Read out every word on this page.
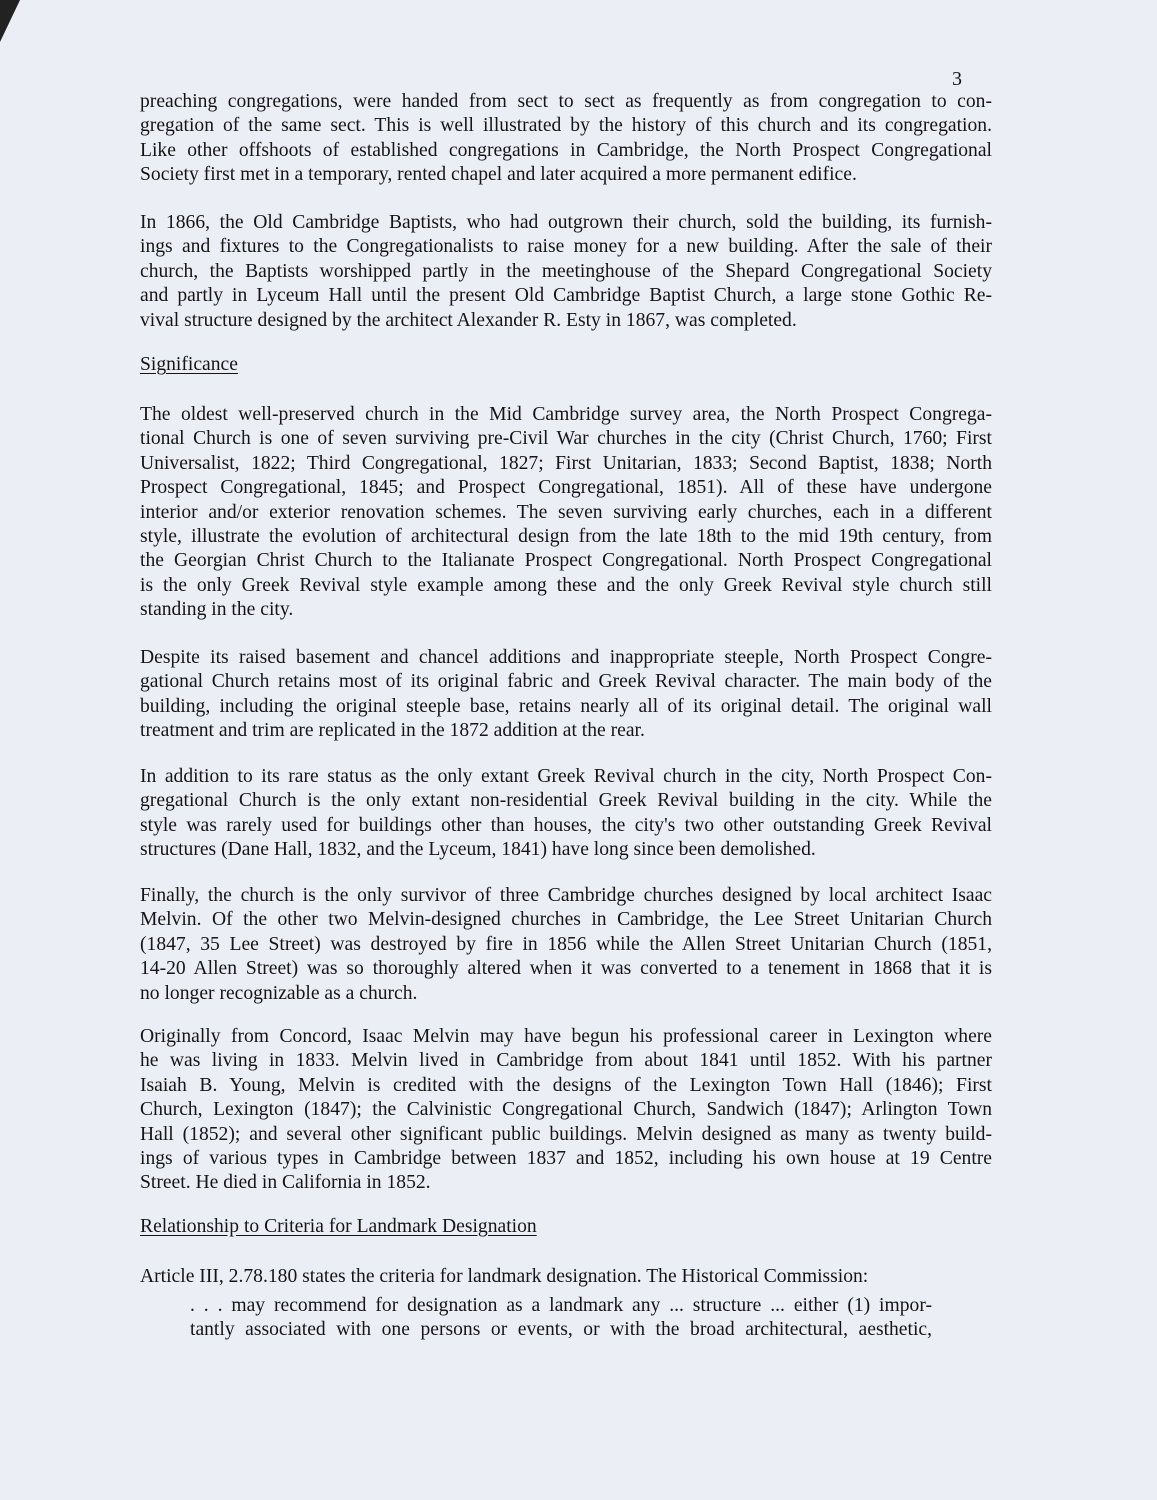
3
preaching congregations, were handed from sect to sect as frequently as from congregation to con-
gregation of the same sect. This is well illustrated by the history of this church and its congregation.
Like other offshoots of established congregations in Cambridge, the North Prospect Congregational
Society first met in a temporary, rented chapel and later acquired a more permanent edifice.
In 1866, the Old Cambridge Baptists, who had outgrown their church, sold the building, its furnish-
ings and fixtures to the Congregationalists to raise money for a new building. After the sale of their
church, the Baptists worshipped partly in the meetinghouse of the Shepard Congregational Society
and partly in Lyceum Hall until the present Old Cambridge Baptist Church, a large stone Gothic Re-
vival structure designed by the architect Alexander R. Esty in 1867, was completed.
Significance
The oldest well-preserved church in the Mid Cambridge survey area, the North Prospect Congrega-
tional Church is one of seven surviving pre-Civil War churches in the city (Christ Church, 1760; First
Universalist, 1822; Third Congregational, 1827; First Unitarian, 1833; Second Baptist, 1838; North
Prospect Congregational, 1845; and Prospect Congregational, 1851). All of these have undergone
interior and/or exterior renovation schemes. The seven surviving early churches, each in a different
style, illustrate the evolution of architectural design from the late 18th to the mid 19th century, from
the Georgian Christ Church to the Italianate Prospect Congregational. North Prospect Congregational
is the only Greek Revival style example among these and the only Greek Revival style church still
standing in the city.
Despite its raised basement and chancel additions and inappropriate steeple, North Prospect Congre-
gational Church retains most of its original fabric and Greek Revival character. The main body of the
building, including the original steeple base, retains nearly all of its original detail. The original wall
treatment and trim are replicated in the 1872 addition at the rear.
In addition to its rare status as the only extant Greek Revival church in the city, North Prospect Con-
gregational Church is the only extant non-residential Greek Revival building in the city. While the
style was rarely used for buildings other than houses, the city's two other outstanding Greek Revival
structures (Dane Hall, 1832, and the Lyceum, 1841) have long since been demolished.
Finally, the church is the only survivor of three Cambridge churches designed by local architect Isaac
Melvin. Of the other two Melvin-designed churches in Cambridge, the Lee Street Unitarian Church
(1847, 35 Lee Street) was destroyed by fire in 1856 while the Allen Street Unitarian Church (1851,
14-20 Allen Street) was so thoroughly altered when it was converted to a tenement in 1868 that it is
no longer recognizable as a church.
Originally from Concord, Isaac Melvin may have begun his professional career in Lexington where
he was living in 1833. Melvin lived in Cambridge from about 1841 until 1852. With his partner
Isaiah B. Young, Melvin is credited with the designs of the Lexington Town Hall (1846); First
Church, Lexington (1847); the Calvinistic Congregational Church, Sandwich (1847); Arlington Town
Hall (1852); and several other significant public buildings. Melvin designed as many as twenty build-
ings of various types in Cambridge between 1837 and 1852, including his own house at 19 Centre
Street. He died in California in 1852.
Relationship to Criteria for Landmark Designation
Article III, 2.78.180 states the criteria for landmark designation. The Historical Commission:
. . . may recommend for designation as a landmark any ... structure ... either (1) impor-
tantly associated with one persons or events, or with the broad architectural, aesthetic,
